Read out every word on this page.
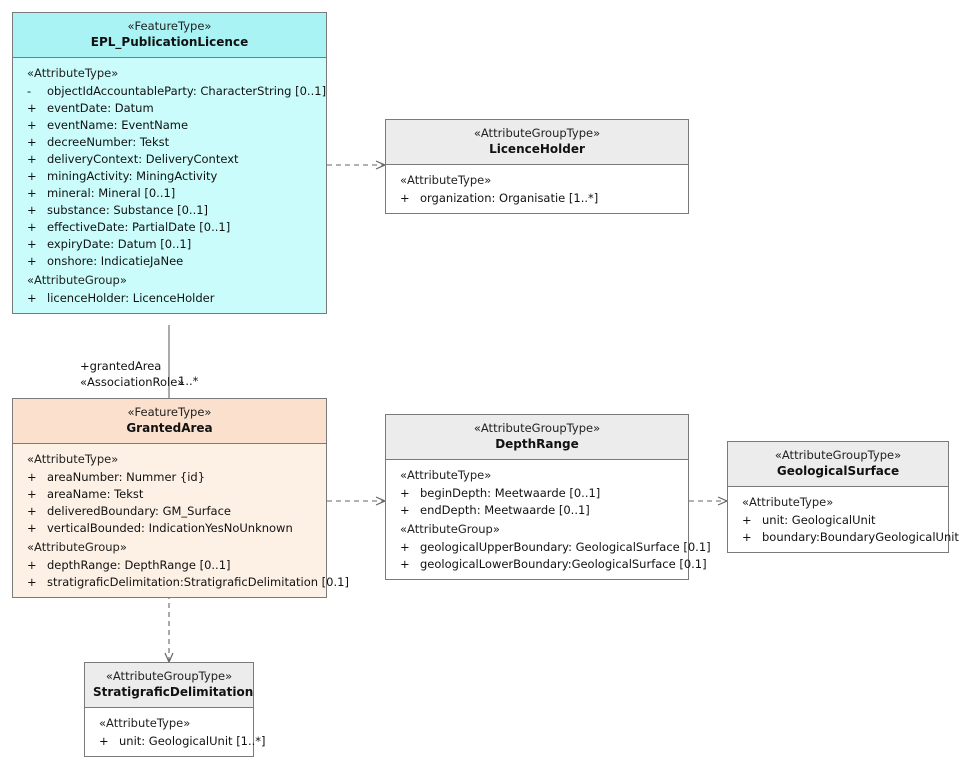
«FeatureType»
EPL_PublicationLicence
«AttributeType»
-	objectIdAccountableParty: CharacterString [0..1]
+ eventDate: Datum
+ eventName: EventName
+ decreeNumber: Tekst
+ deliveryContext: DeliveryContext
+ miningActivity: MiningActivity
+ mineral: Mineral [0..1]
+ substance: Substance [0..1]
+ effectiveDate: PartialDate [0..1]
+ expiryDate: Datum [0..1]
+ onshore: IndicatieJaNee
«AttributeGroup»
+ licenceHolder: LicenceHolder
«AttributeGroupType»
LicenceHolder
«AttributeType»
+ organization: Organisatie [1..*]
«FeatureType»
GrantedArea
«AttributeType»
+ areaNumber: Nummer {id}
+ areaName: Tekst
+ deliveredBoundary: GM_Surface
+ verticalBounded: IndicationYesNoUnknown
«AttributeGroup»
+ depthRange: DepthRange [0..1]
+ stratigraficDelimitation:StratigraficDelimitation [0.1]
«AttributeGroupType»
DepthRange
«AttributeType»
+ beginDepth: Meetwaarde [0..1]
+ endDepth: Meetwaarde [0..1]
«AttributeGroup»
+ geologicalUpperBoundary: GeologicalSurface [0.1]
+ geologicalLowerBoundary:GeologicalSurface [0.1]
«AttributeGroupType»
GeologicalSurface
«AttributeType»
+ unit: GeologicalUnit
+ boundary:BoundaryGeologicalUnit
«AttributeGroupType»
StratigraficDelimitation
«AttributeType»
+ unit: GeologicalUnit [1..*]
+grantedArea
«AssociationRole»
1..*
